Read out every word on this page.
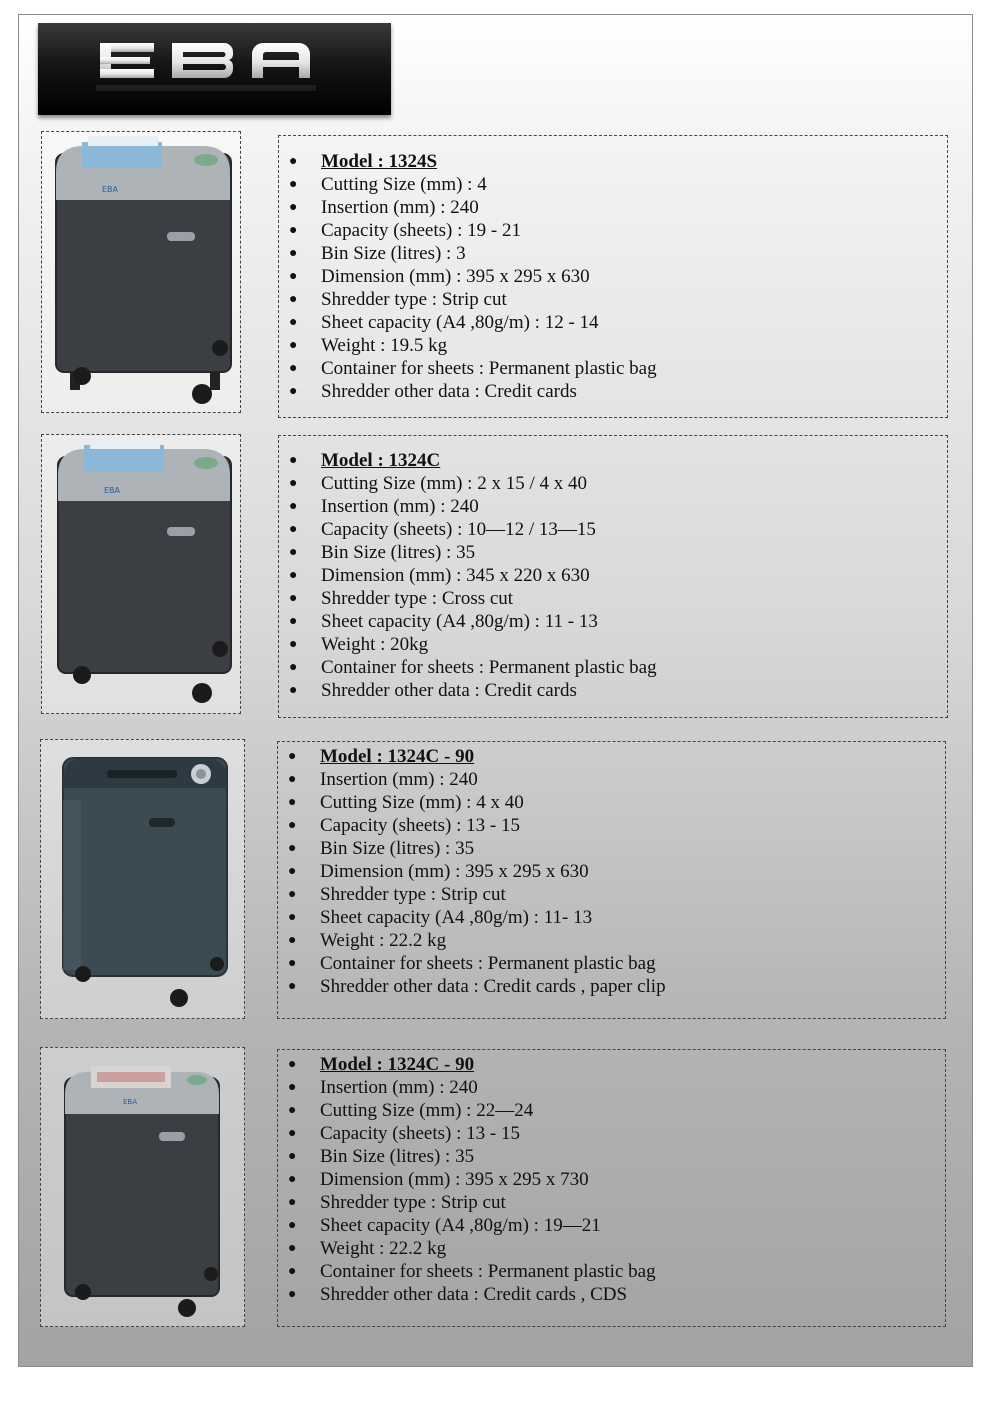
EBA
● Model : 1324S
● Cutting Size (mm) : 4
● Insertion (mm) : 240
● Capacity (sheets) : 19 - 21
● Bin Size (litres) : 3
● Dimension (mm) : 395 x 295 x 630
● Shredder type : Strip cut
● Sheet capacity (A4 ,80g/m) : 12 - 14
● Weight : 19.5 kg
● Container for sheets : Permanent plastic bag
● Shredder other data : Credit cards
EBA
● Model : 1324C
● Cutting Size (mm) : 2 x 15 / 4 x 40
● Insertion (mm) : 240
● Capacity (sheets) : 10—12 / 13—15
● Bin Size (litres) : 35
● Dimension (mm) : 345 x 220 x 630
● Shredder type : Cross cut
● Sheet capacity (A4 ,80g/m) : 11 - 13
● Weight : 20kg
● Container for sheets : Permanent plastic bag
● Shredder other data : Credit cards
● Model : 1324C - 90
● Insertion (mm) : 240
● Cutting Size (mm) : 4 x 40
● Capacity (sheets) : 13 - 15
● Bin Size (litres) : 35
● Dimension (mm) : 395 x 295 x 630
● Shredder type : Strip cut
● Sheet capacity (A4 ,80g/m) : 11- 13
● Weight : 22.2 kg
● Container for sheets : Permanent plastic bag
● Shredder other data : Credit cards , paper clip
EBA
● Model : 1324C - 90
● Insertion (mm) : 240
● Cutting Size (mm) : 22—24
● Capacity (sheets) : 13 - 15
● Bin Size (litres) : 35
● Dimension (mm) : 395 x 295 x 730
● Shredder type : Strip cut
● Sheet capacity (A4 ,80g/m) : 19—21
● Weight : 22.2 kg
● Container for sheets : Permanent plastic bag
● Shredder other data : Credit cards , CDS
